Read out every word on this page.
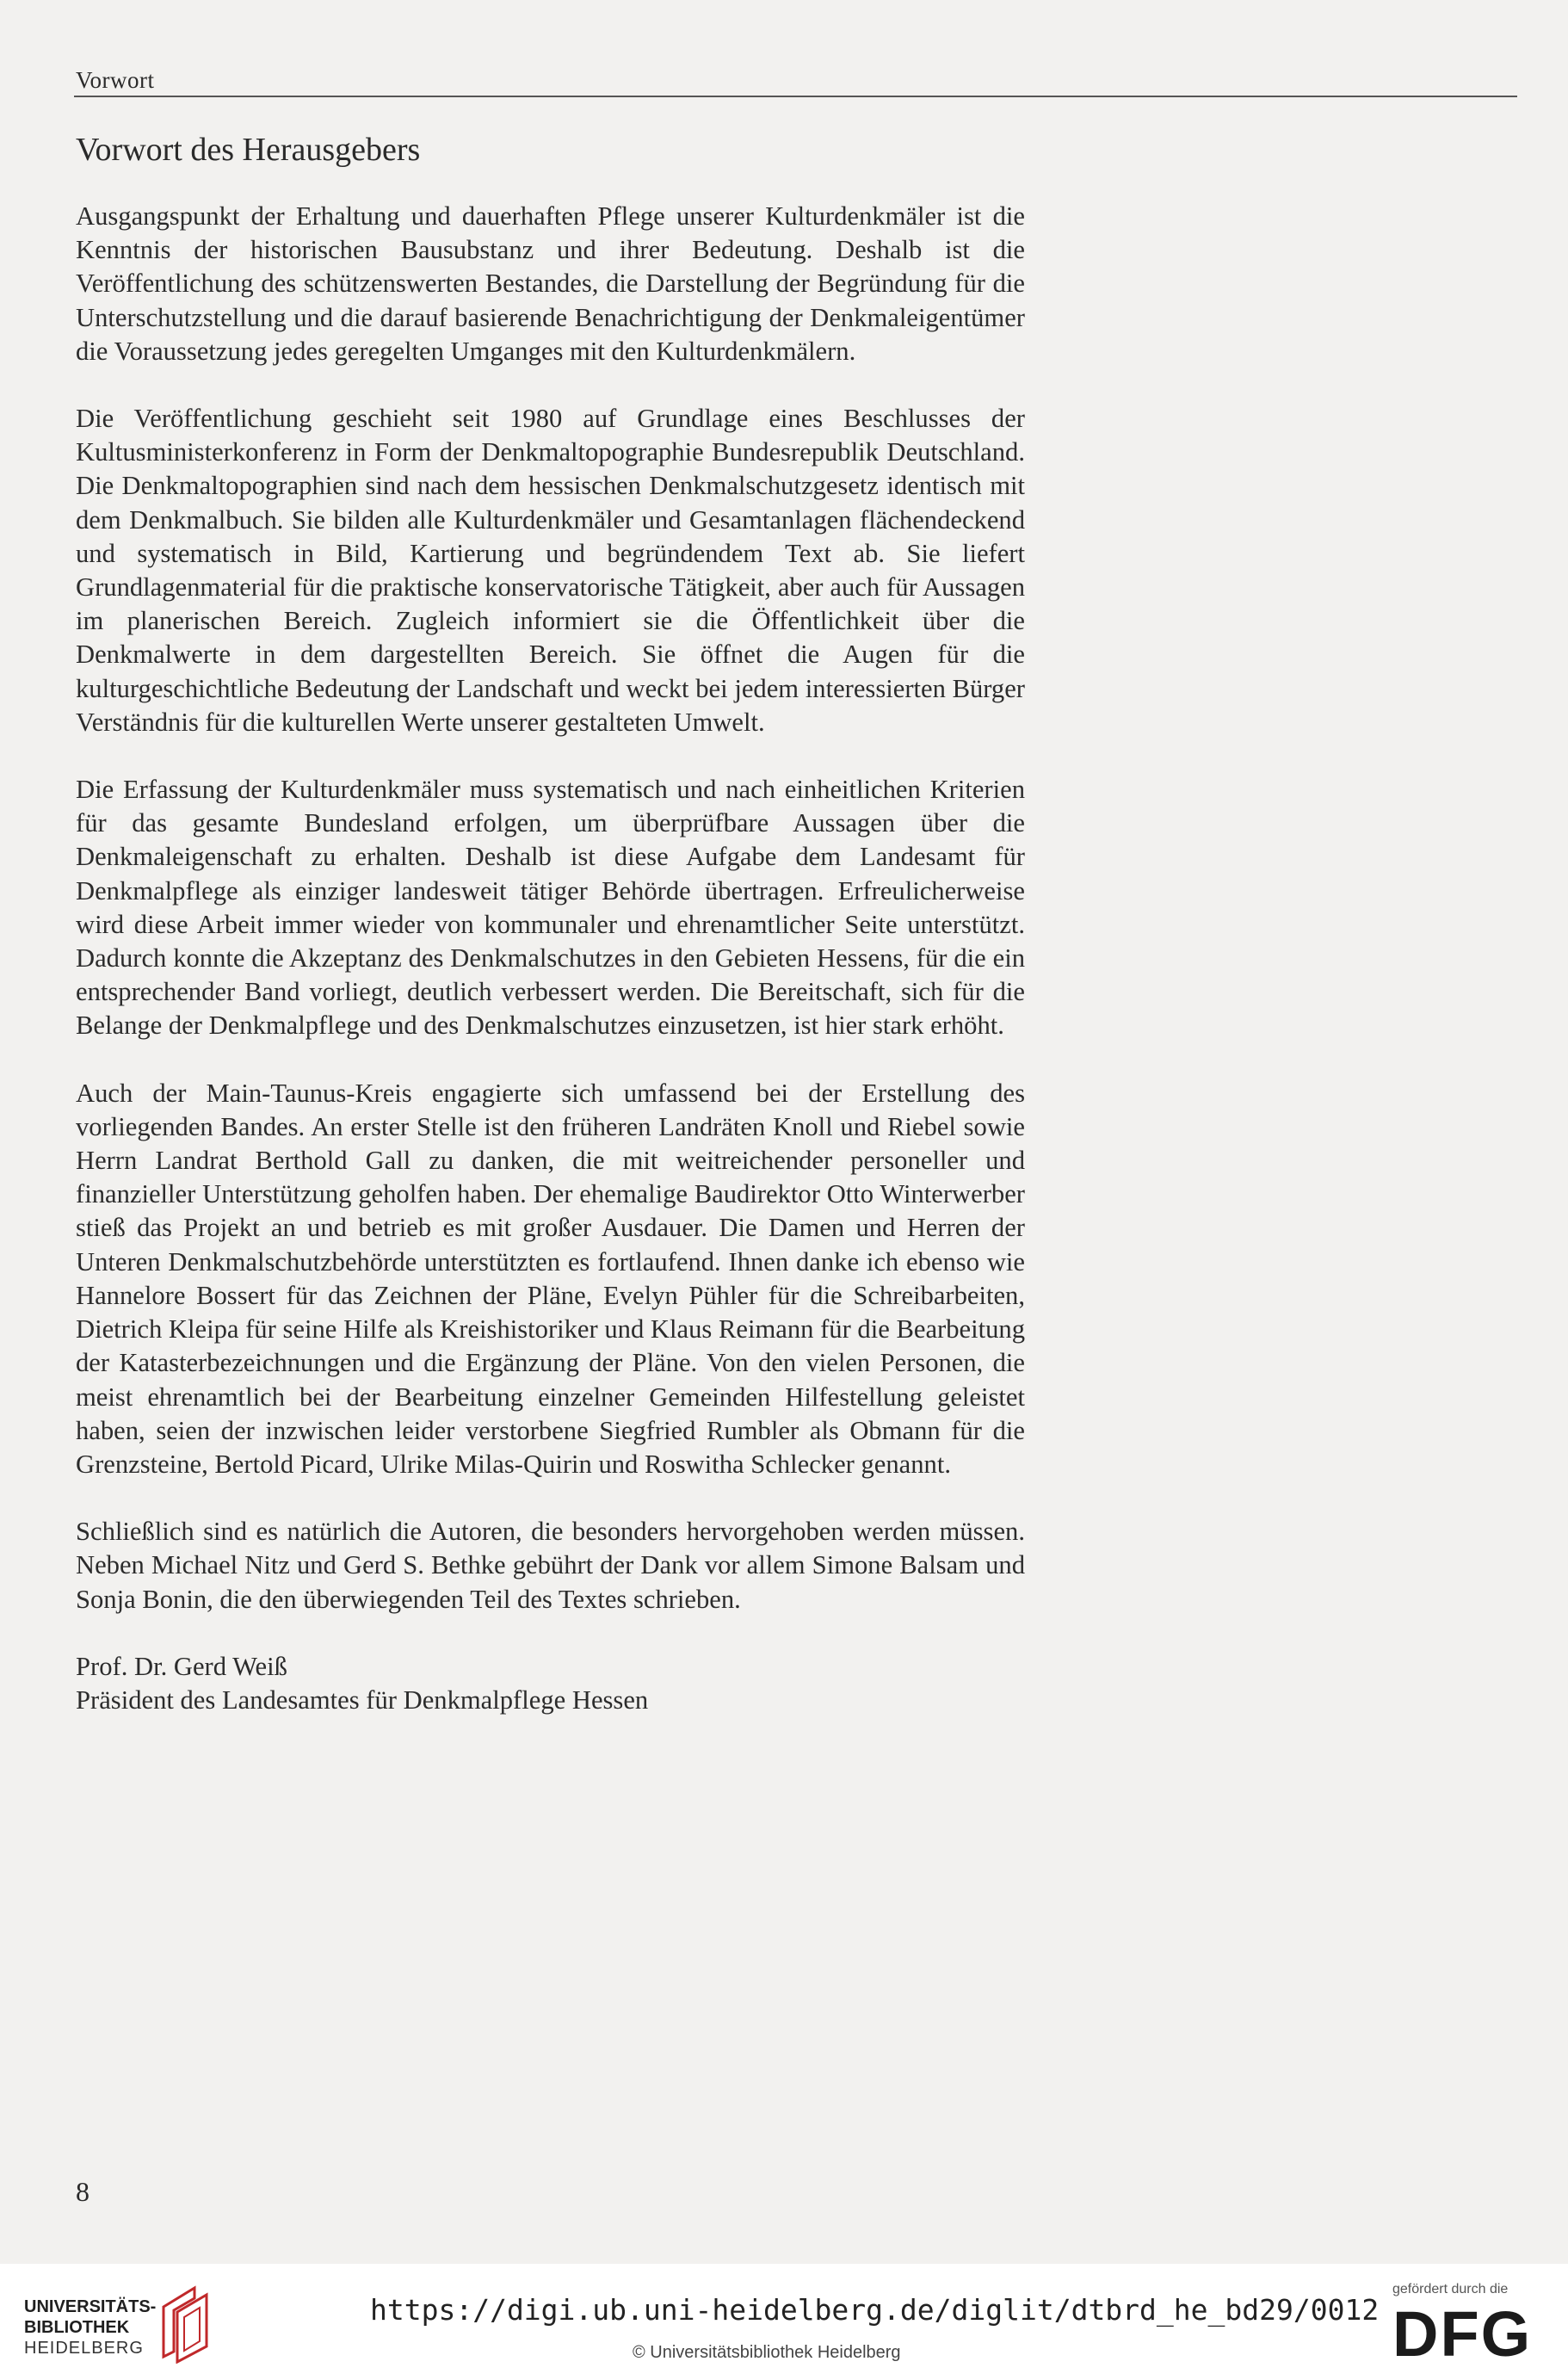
Vorwort
Vorwort des Herausgebers

Ausgangspunkt der Erhaltung und dauerhaften Pflege unserer Kulturdenkmäler ist die Kenntnis der historischen Bausubstanz und ihrer Bedeutung. Deshalb ist die Veröffentlichung des schützenswerten Bestandes, die Darstellung der Begründung für die Unterschutzstellung und die darauf basierende Benachrichtigung der Denkmaleigentümer die Voraussetzung jedes geregelten Umganges mit den Kulturdenkmälern.

Die Veröffentlichung geschieht seit 1980 auf Grundlage eines Beschlusses der Kultusministerkonferenz in Form der Denkmaltopographie Bundesrepublik Deutschland. Die Denkmaltopographien sind nach dem hessischen Denkmalschutzgesetz identisch mit dem Denkmalbuch. Sie bilden alle Kulturdenkmäler und Gesamtanlagen flächendeckend und systematisch in Bild, Kartierung und begründendem Text ab. Sie liefert Grundlagenmaterial für die praktische konservatorische Tätigkeit, aber auch für Aussagen im planerischen Bereich. Zugleich informiert sie die Öffentlichkeit über die Denkmalwerte in dem dargestellten Bereich. Sie öffnet die Augen für die kulturgeschichtliche Bedeutung der Landschaft und weckt bei jedem interessierten Bürger Verständnis für die kulturellen Werte unserer gestalteten Umwelt.

Die Erfassung der Kulturdenkmäler muss systematisch und nach einheitlichen Kriterien für das gesamte Bundesland erfolgen, um überprüfbare Aussagen über die Denkmaleigenschaft zu erhalten. Deshalb ist diese Aufgabe dem Landesamt für Denkmalpflege als einziger landesweit tätiger Behörde übertragen. Erfreulicherweise wird diese Arbeit immer wieder von kommunaler und ehrenamtlicher Seite unterstützt. Dadurch konnte die Akzeptanz des Denkmalschutzes in den Gebieten Hessens, für die ein entsprechender Band vorliegt, deutlich verbessert werden. Die Bereitschaft, sich für die Belange der Denkmalpflege und des Denkmalschutzes einzusetzen, ist hier stark erhöht.

Auch der Main-Taunus-Kreis engagierte sich umfassend bei der Erstellung des vorliegenden Bandes. An erster Stelle ist den früheren Landräten Knoll und Riebel sowie Herrn Landrat Berthold Gall zu danken, die mit weitreichender personeller und finanzieller Unterstützung geholfen haben. Der ehemalige Baudirektor Otto Winterwerber stieß das Projekt an und betrieb es mit großer Ausdauer. Die Damen und Herren der Unteren Denkmalschutzbehörde unterstützten es fortlaufend. Ihnen danke ich ebenso wie Hannelore Bossert für das Zeichnen der Pläne, Evelyn Pühler für die Schreibarbeiten, Dietrich Kleipa für seine Hilfe als Kreishistoriker und Klaus Reimann für die Bearbeitung der Katasterbezeichnungen und die Ergänzung der Pläne. Von den vielen Personen, die meist ehrenamtlich bei der Bearbeitung einzelner Gemeinden Hilfestellung geleistet haben, seien der inzwischen leider verstorbene Siegfried Rumbler als Obmann für die Grenzsteine, Bertold Picard, Ulrike Milas-Quirin und Roswitha Schlecker genannt.

Schließlich sind es natürlich die Autoren, die besonders hervorgehoben werden müssen. Neben Michael Nitz und Gerd S. Bethke gebührt der Dank vor allem Simone Balsam und Sonja Bonin, die den überwiegenden Teil des Textes schrieben.

Prof. Dr. Gerd Weiß
Präsident des Landesamtes für Denkmalpflege Hessen
8
UNIVERSITÄTS-
BIBLIOTHEK
HEIDELBERG
https://digi.ub.uni-heidelberg.de/diglit/dtbrd_he_bd29/0012
© Universitätsbibliothek Heidelberg
gefördert durch die
DFG
